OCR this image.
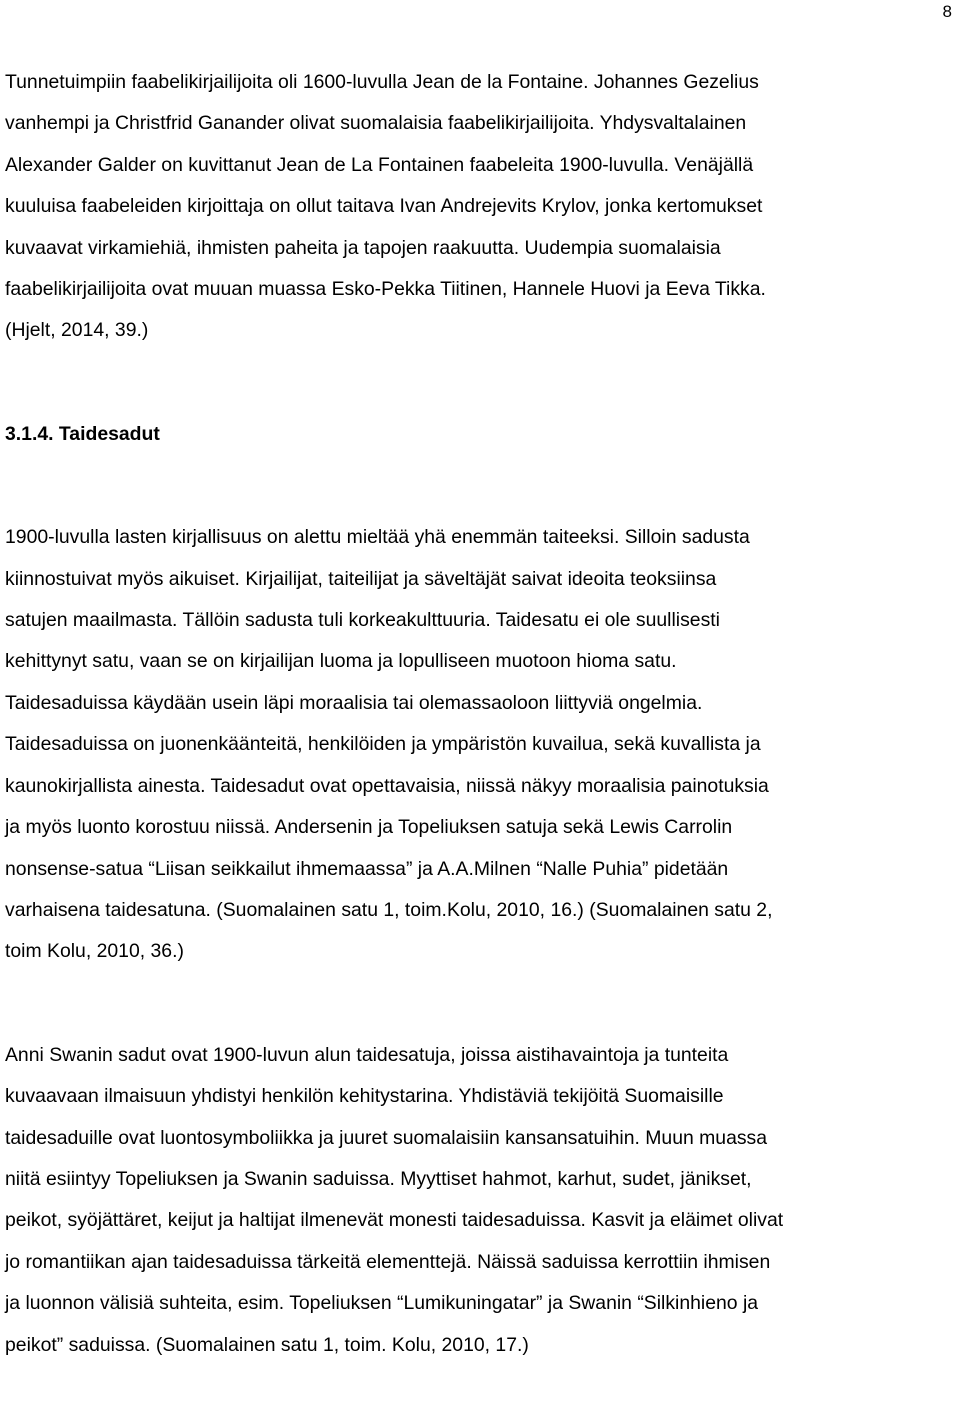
8
Tunnetuimpiin faabelikirjailijoita oli 1600-luvulla Jean de la Fontaine. Johannes Gezelius
vanhempi ja Christfrid Ganander olivat suomalaisia faabelikirjailijoita. Yhdysvaltalainen
Alexander Galder on kuvittanut Jean de La Fontainen faabeleita 1900-luvulla. Venäjällä
kuuluisa faabeleiden kirjoittaja on ollut taitava Ivan Andrejevits Krylov, jonka kertomukset
kuvaavat virkamiehiä, ihmisten paheita ja tapojen raakuutta. Uudempia suomalaisia
faabelikirjailijoita ovat muuan muassa Esko-Pekka Tiitinen, Hannele Huovi ja Eeva Tikka.
(Hjelt, 2014, 39.)
3.1.4. Taidesadut
1900-luvulla lasten kirjallisuus on alettu mieltää yhä enemmän taiteeksi. Silloin sadusta
kiinnostuivat myös aikuiset. Kirjailijat, taiteilijat ja säveltäjät saivat ideoita teoksiinsa
satujen maailmasta. Tällöin sadusta tuli korkeakulttuuria. Taidesatu ei ole suullisesti
kehittynyt satu, vaan se on kirjailijan luoma ja lopulliseen muotoon hioma satu.
Taidesaduissa käydään usein läpi moraalisia tai olemassaoloon liittyviä ongelmia.
Taidesaduissa on juonenkäänteitä, henkilöiden ja ympäristön kuvailua, sekä kuvallista ja
kaunokirjallista ainesta. Taidesadut ovat opettavaisia, niissä näkyy moraalisia painotuksia
ja myös luonto korostuu niissä. Andersenin ja Topeliuksen satuja sekä Lewis Carrolin
nonsense-satua “Liisan seikkailut ihmemaassa” ja A.A.Milnen “Nalle Puhia” pidetään
varhaisena taidesatuna. (Suomalainen satu 1, toim.Kolu, 2010, 16.) (Suomalainen satu 2,
toim Kolu, 2010, 36.)
Anni Swanin sadut ovat 1900-luvun alun taidesatuja, joissa aistihavaintoja ja tunteita
kuvaavaan ilmaisuun yhdistyi henkilön kehitystarina. Yhdistäviä tekijöitä Suomaisille
taidesaduille ovat luontosymboliikka ja juuret suomalaisiin kansansatuihin. Muun muassa
niitä esiintyy Topeliuksen ja Swanin saduissa. Myyttiset hahmot, karhut, sudet, jänikset,
peikot, syöjättäret, keijut ja haltijat ilmenevät monesti taidesaduissa. Kasvit ja eläimet olivat
jo romantiikan ajan taidesaduissa tärkeitä elementtejä. Näissä saduissa kerrottiin ihmisen
ja luonnon välisiä suhteita, esim. Topeliuksen “Lumikuningatar” ja Swanin “Silkinhieno ja
peikot” saduissa. (Suomalainen satu 1, toim. Kolu, 2010, 17.)
